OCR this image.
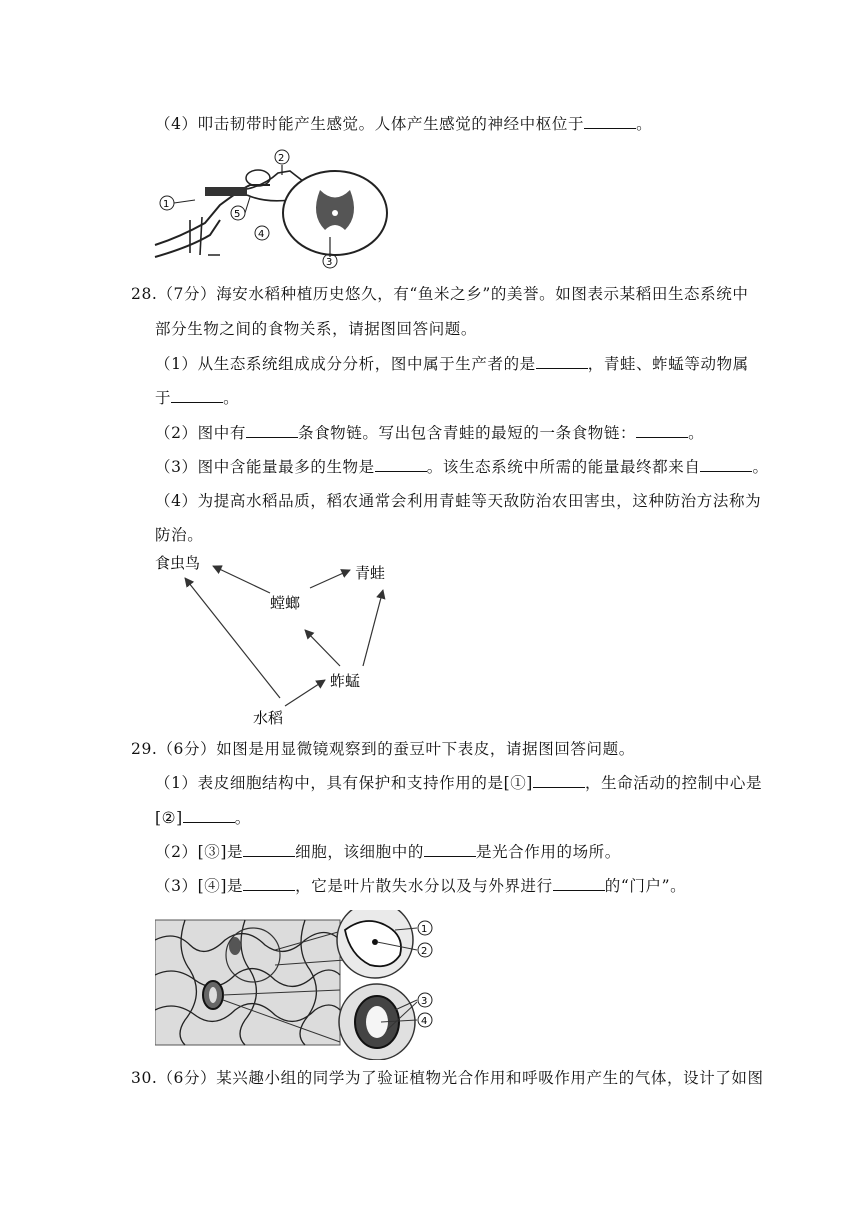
（4）叩击韧带时能产生感觉。人体产生感觉的神经中枢位于	。
2
1
5
4
3
28.（7分）海安水稻种植历史悠久，有“鱼米之乡”的美誉。如图表示某稻田生态系统中
部分生物之间的食物关系，请据图回答问题。
（1）从生态系统组成成分分析，图中属于生产者的是	，青蛙、蚱蜢等动物属
于	。
（2）图中有	条食物链。写出包含青蛙的最短的一条食物链：	。
（3）图中含能量最多的生物是	。该生态系统中所需的能量最终都来自	。
（4）为提高水稻品质，稻农通常会利用青蛙等天敌防治农田害虫，这种防治方法称为
防治。
食虫鸟
青蛙
螳螂
蚱蜢
水稻
29.（6分）如图是用显微镜观察到的蚕豆叶下表皮，请据图回答问题。
（1）表皮细胞结构中，具有保护和支持作用的是[①]	，生命活动的控制中心是
[②]	。
（2）[③]是	细胞，该细胞中的	是光合作用的场所。
（3）[④]是	，它是叶片散失水分以及与外界进行	的“门户”。
1
2
3
4
30.（6分）某兴趣小组的同学为了验证植物光合作用和呼吸作用产生的气体，设计了如图
